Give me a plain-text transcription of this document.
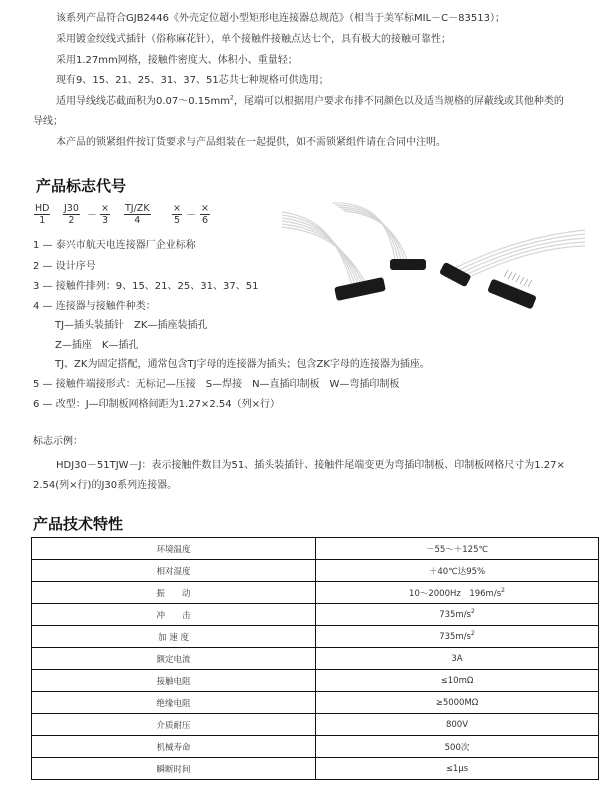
该系列产品符合GJB2446《外壳定位超小型矩形电连接器总规范》（相当于美军标MIL－C－83513）；
采用镀金绞线式插针（俗称麻花针），单个接触件接触点达七个，具有极大的接触可靠性；
采用1.27mm网格，接触件密度大、体积小、重量轻；
现有9、15、21、25、31、37、51芯共七种规格可供选用；
适用导线线芯截面积为$0.07\sim 0.15mm^2$，尾端可以根据用户要求布排不同颜色以及适当规格的屏蔽线或其他种类的
导线；
本产品的锁紧组件按订货要求与产品组装在一起提供，如不需锁紧组件请在合同中注明。
产品标志代号
$\frac{HD}{1} \frac{J30}{2}$ －
×
$3 \frac{TJ/ZK}{4}$ ×
5 －
×
6
1 — 泰兴市航天电连接器厂企业标称
2 — 设计序号
3 — 接触件排列：9、15、21、25、31、37、51
4 — 连接器与接触件种类：
TJ—插头装插针　ZK—插座装插孔
Z—插座　K—插孔
TJ、ZK为固定搭配，通常包含TJ字母的连接器为插头；包含ZK字母的连接器为插座。
5 — 接触件端接形式：无标记—压接　S—焊接　N—直插印制板　W—弯插印制板
6 — 改型：J—印制板网格间距为1.27×2.54（列×行）
标志示例：
HDJ30－51TJW－J：表示接触件数目为51、插头装插针、接触件尾端变更为弯插印制板、印制板网格尺寸为1.27×
2.54(列×行)的J30系列连接器。
产品技术特性
环境温度	－55～＋125℃
相对湿度	＋40℃达95%
振　　动	10～2000Hz　$196m/s^2$
冲　　击	$735m/s^2$
加 速 度	$735m/s^2$
额定电流	3A
接触电阻	≤10mΩ
绝缘电阻	≥5000MΩ
介质耐压	800V
机械寿命	500次
瞬断时间	≤1μs
